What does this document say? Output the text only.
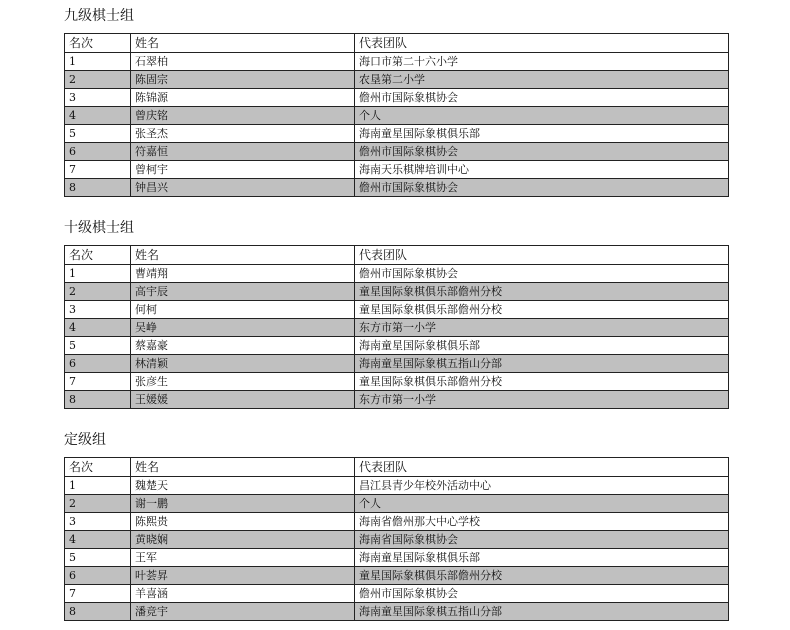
九级棋士组
名次	姓名	代表团队
1	石翠柏	海口市第二十六小学
2	陈固宗	农垦第二小学
3	陈锦源	儋州市国际象棋协会
4	曾庆铭	个人
5	张圣杰	海南童星国际象棋俱乐部
6	符嘉恒	儋州市国际象棋协会
7	曾柯宇	海南天乐棋牌培训中心
8	钟昌兴	儋州市国际象棋协会
十级棋士组
名次	姓名	代表团队
1	曹靖翔	儋州市国际象棋协会
2	高宇辰	童星国际象棋俱乐部儋州分校
3	何柯	童星国际象棋俱乐部儋州分校
4	吴峥	东方市第一小学
5	蔡嘉豪	海南童星国际象棋俱乐部
6	林清颖	海南童星国际象棋五指山分部
7	张彦生	童星国际象棋俱乐部儋州分校
8	王媛媛	东方市第一小学
定级组
名次	姓名	代表团队
1	魏楚天	昌江县青少年校外活动中心
2	谢一鹏	个人
3	陈熙贵	海南省儋州那大中心学校
4	黄晓娴	海南省国际象棋协会
5	王军	海南童星国际象棋俱乐部
6	叶荟昇	童星国际象棋俱乐部儋州分校
7	羊喜涵	儋州市国际象棋协会
8	潘竞宇	海南童星国际象棋五指山分部
